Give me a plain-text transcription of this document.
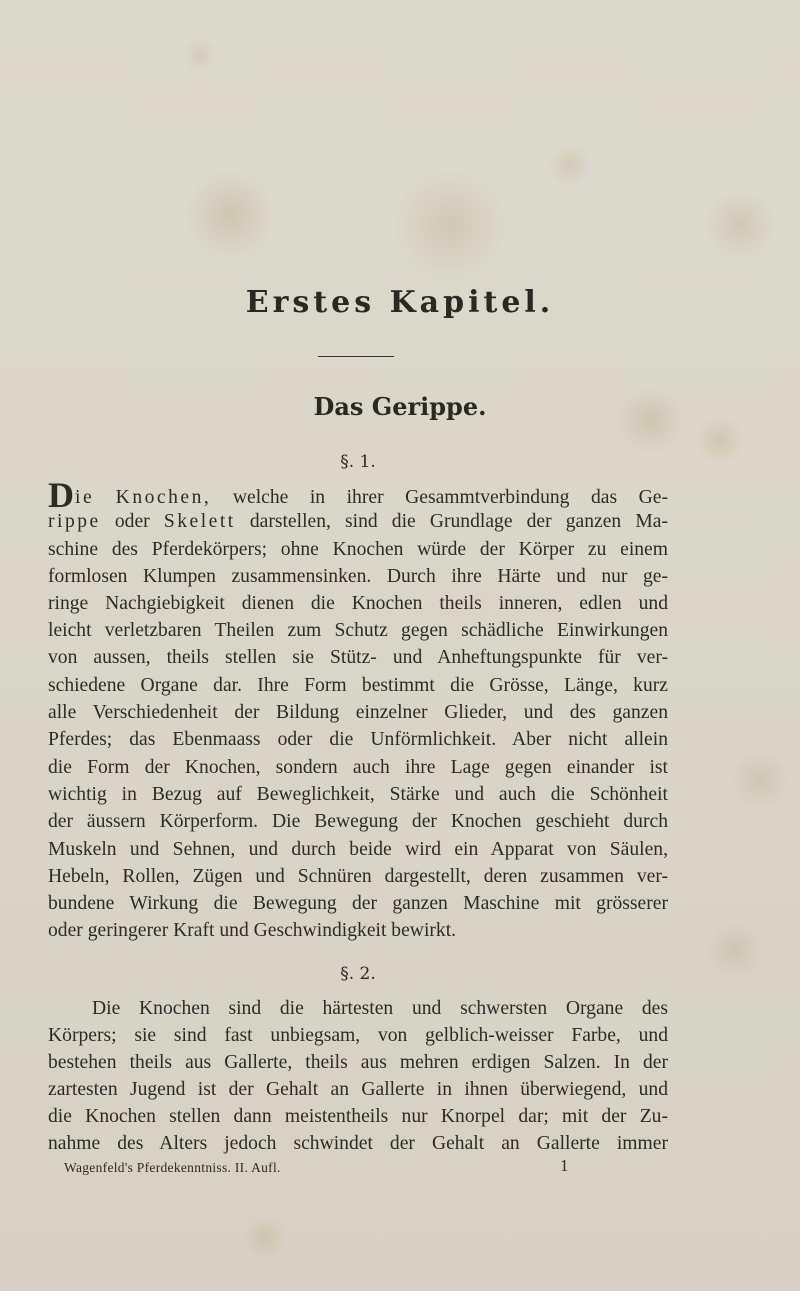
Erstes Kapitel.
Das Gerippe.
§. 1.
Die Knochen, welche in ihrer Gesammtverbindung das Ge-
rippe oder Skelett darstellen, sind die Grundlage der ganzen Ma-
schine des Pferdekörpers; ohne Knochen würde der Körper zu einem
formlosen Klumpen zusammensinken. Durch ihre Härte und nur ge-
ringe Nachgiebigkeit dienen die Knochen theils inneren, edlen und
leicht verletzbaren Theilen zum Schutz gegen schädliche Einwirkungen
von aussen, theils stellen sie Stütz- und Anheftungspunkte für ver-
schiedene Organe dar. Ihre Form bestimmt die Grösse, Länge, kurz
alle Verschiedenheit der Bildung einzelner Glieder, und des ganzen
Pferdes; das Ebenmaass oder die Unförmlichkeit. Aber nicht allein
die Form der Knochen, sondern auch ihre Lage gegen einander ist
wichtig in Bezug auf Beweglichkeit, Stärke und auch die Schönheit
der äussern Körperform. Die Bewegung der Knochen geschieht durch
Muskeln und Sehnen, und durch beide wird ein Apparat von Säulen,
Hebeln, Rollen, Zügen und Schnüren dargestellt, deren zusammen ver-
bundene Wirkung die Bewegung der ganzen Maschine mit grösserer
oder geringerer Kraft und Geschwindigkeit bewirkt.
§. 2.
Die Knochen sind die härtesten und schwersten Organe des
Körpers; sie sind fast unbiegsam, von gelblich-weisser Farbe, und
bestehen theils aus Gallerte, theils aus mehren erdigen Salzen. In der
zartesten Jugend ist der Gehalt an Gallerte in ihnen überwiegend, und
die Knochen stellen dann meistentheils nur Knorpel dar; mit der Zu-
nahme des Alters jedoch schwindet der Gehalt an Gallerte immer
Wagenfeld's Pferdekenntniss. II. Aufl.	1
